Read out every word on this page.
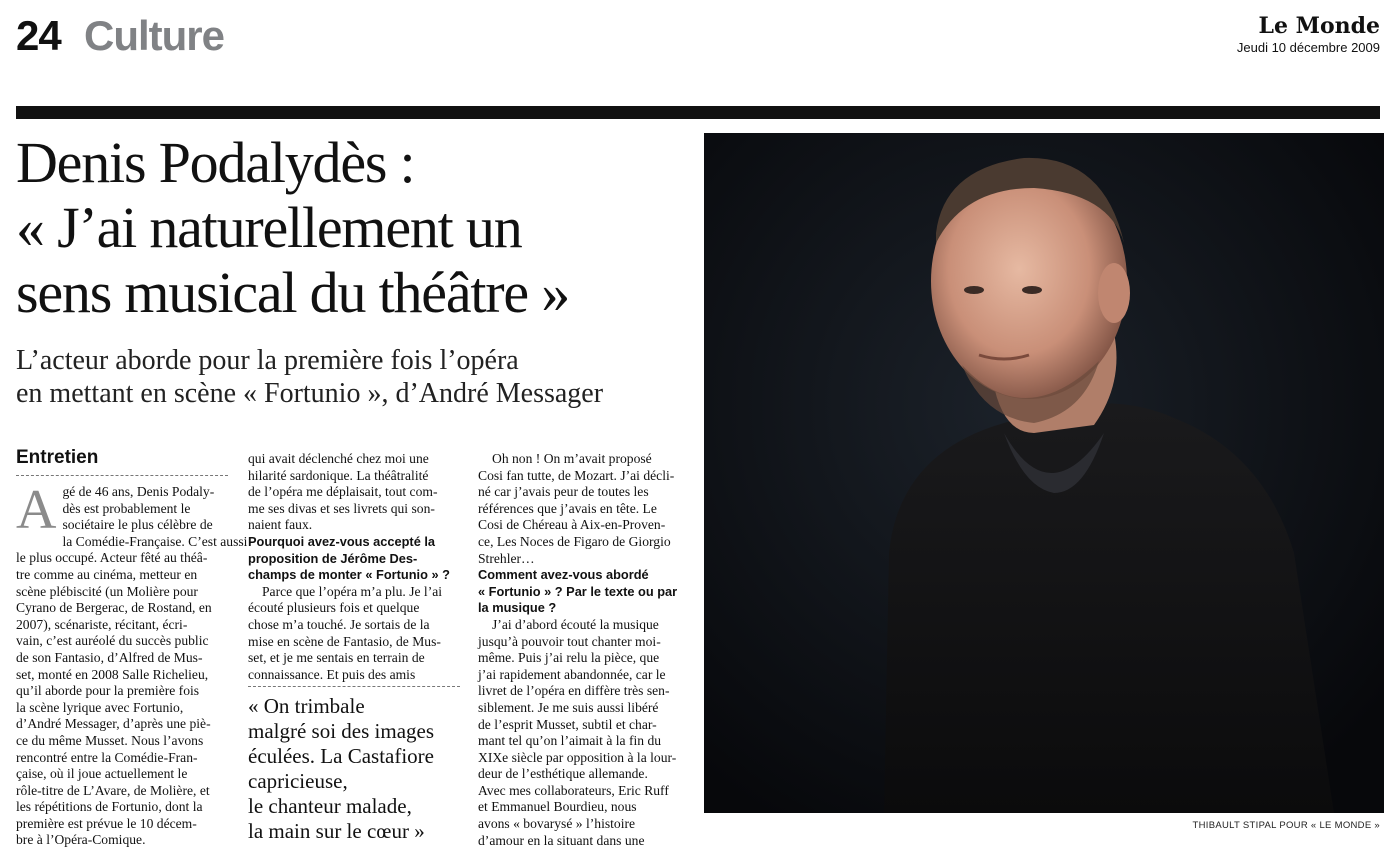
24 Culture	Le Monde
Jeudi 10 décembre 2009
Denis Podalydès :
« J’ai naturellement un
sens musical du théâtre »
L’acteur aborde pour la première fois l’opéra
en mettant en scène « Fortunio », d’André Messager
Entretien
A gé de 46 ans, Denis Podaly-
dès est probablement le
sociétaire le plus célèbre de
la Comédie-Française. C’est aussi
le plus occupé. Acteur fêté au théâ-
tre comme au cinéma, metteur en
scène plébiscité (un Molière pour
Cyrano de Bergerac, de Rostand, en
2007), scénariste, récitant, écri-
vain, c’est auréolé du succès public
de son Fantasio, d’Alfred de Mus-
set, monté en 2008 Salle Richelieu,
qu’il aborde pour la première fois
la scène lyrique avec Fortunio,
d’André Messager, d’après une piè-
ce du même Musset. Nous l’avons
rencontré entre la Comédie-Fran-
çaise, où il joue actuellement le
rôle-titre de L’Avare, de Molière, et
les répétitions de Fortunio, dont la
première est prévue le 10 décem-
bre à l’Opéra-Comique.
qui avait déclenché chez moi une
hilarité sardonique. La théâtralité
de l’opéra me déplaisait, tout com-
me ses divas et ses livrets qui son-
naient faux.
Pourquoi avez-vous accepté la
proposition de Jérôme Des-
champs de monter « Fortunio » ?
Parce que l’opéra m’a plu. Je l’ai
écouté plusieurs fois et quelque
chose m’a touché. Je sortais de la
mise en scène de Fantasio, de Mus-
set, et je me sentais en terrain de
connaissance. Et puis des amis
« On trimbale
malgré soi des images
éculées. La Castafiore
capricieuse,
le chanteur malade,
la main sur le cœur »
Oh non ! On m’avait proposé
Cosi fan tutte, de Mozart. J’ai décli-
né car j’avais peur de toutes les
références que j’avais en tête. Le
Cosi de Chéreau à Aix-en-Proven-
ce, Les Noces de Figaro de Giorgio
Strehler…
Comment avez-vous abordé
« Fortunio » ? Par le texte ou par
la musique ?
J’ai d’abord écouté la musique
jusqu’à pouvoir tout chanter moi-
même. Puis j’ai relu la pièce, que
j’ai rapidement abandonnée, car le
livret de l’opéra en diffère très sen-
siblement. Je me suis aussi libéré
de l’esprit Musset, subtil et char-
mant tel qu’on l’aimait à la fin du
XIXe siècle par opposition à la lour-
deur de l’esthétique allemande.
Avec mes collaborateurs, Eric Ruff
et Emmanuel Bourdieu, nous
avons « bovarysé » l’histoire
d’amour en la situant dans une
THIBAULT STIPAL POUR « LE MONDE »
